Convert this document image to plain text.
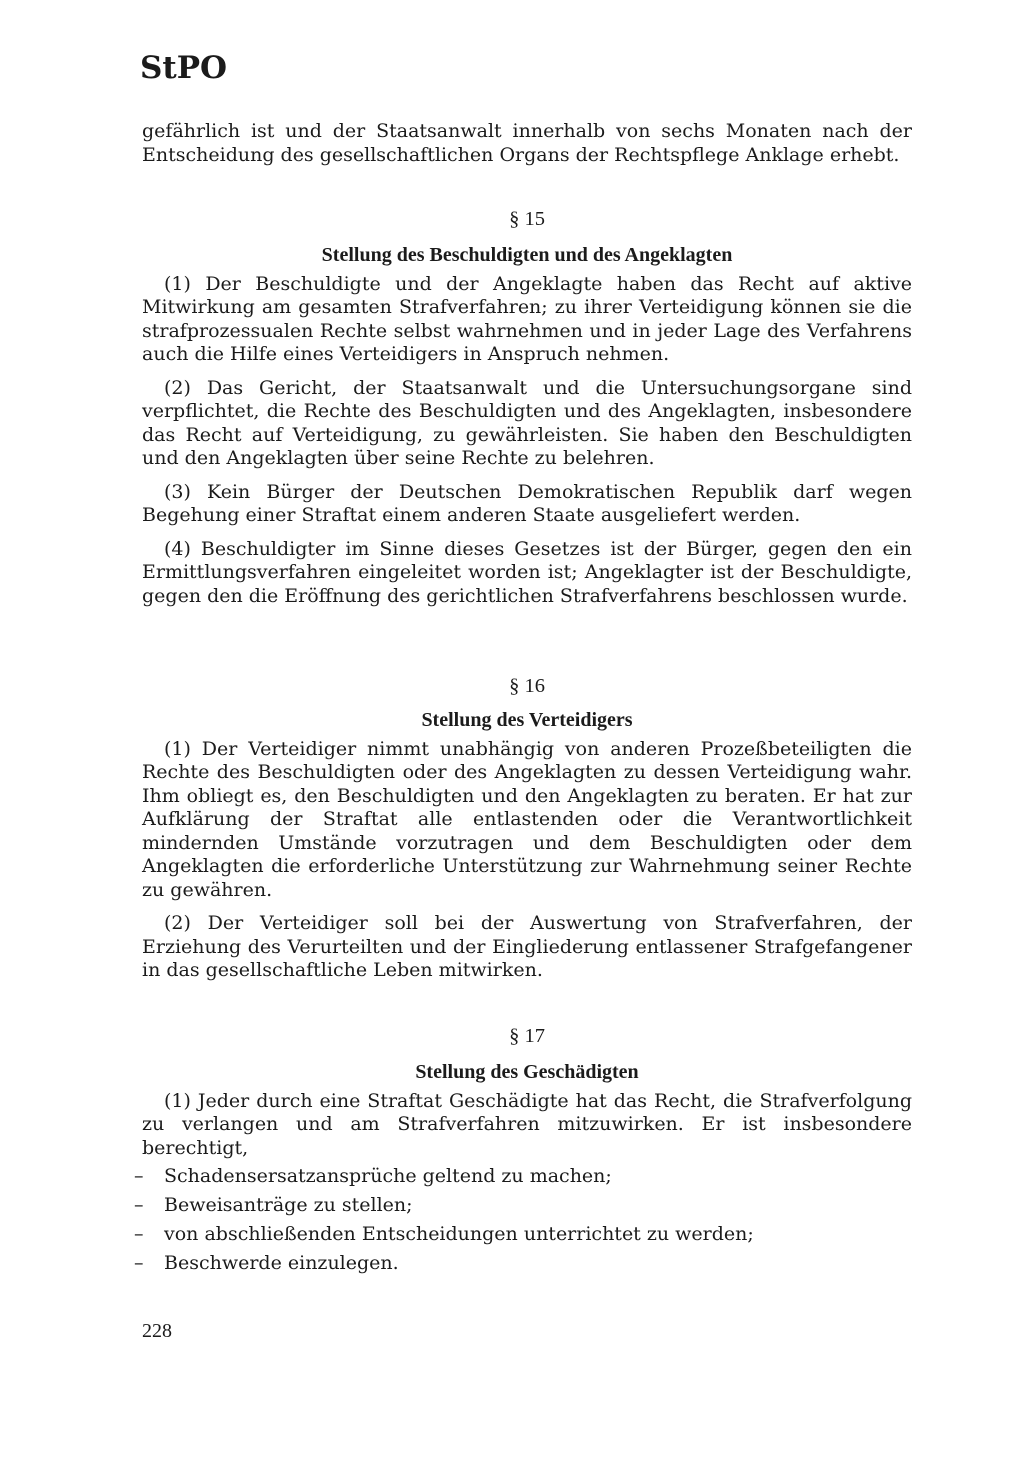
StPO

gefährlich ist und der Staatsanwalt innerhalb von sechs Monaten nach der Entscheidung des gesellschaftlichen Organs der Rechtspflege Anklage erhebt.

§ 15

Stellung des Beschuldigten und des Angeklagten

(1) Der Beschuldigte und der Angeklagte haben das Recht auf aktive Mitwirkung am gesamten Strafverfahren; zu ihrer Verteidigung können sie die strafprozessualen Rechte selbst wahrnehmen und in jeder Lage des Verfahrens auch die Hilfe eines Verteidigers in Anspruch nehmen.

(2) Das Gericht, der Staatsanwalt und die Untersuchungsorgane sind verpflichtet, die Rechte des Beschuldigten und des Angeklagten, insbesondere das Recht auf Verteidigung, zu gewährleisten. Sie haben den Beschuldigten und den Angeklagten über seine Rechte zu belehren.

(3) Kein Bürger der Deutschen Demokratischen Republik darf wegen Begehung einer Straftat einem anderen Staate ausgeliefert werden.

(4) Beschuldigter im Sinne dieses Gesetzes ist der Bürger, gegen den ein Ermittlungsverfahren eingeleitet worden ist; Angeklagter ist der Beschuldigte, gegen den die Eröffnung des gerichtlichen Strafverfahrens beschlossen wurde.

§ 16

Stellung des Verteidigers

(1) Der Verteidiger nimmt unabhängig von anderen Prozeßbeteiligten die Rechte des Beschuldigten oder des Angeklagten zu dessen Verteidigung wahr. Ihm obliegt es, den Beschuldigten und den Angeklagten zu beraten. Er hat zur Aufklärung der Straftat alle entlastenden oder die Verantwortlichkeit mindernden Umstände vorzutragen und dem Beschuldigten oder dem Angeklagten die erforderliche Unterstützung zur Wahrnehmung seiner Rechte zu gewähren.

(2) Der Verteidiger soll bei der Auswertung von Strafverfahren, der Erziehung des Verurteilten und der Eingliederung entlassener Strafgefangener in das gesellschaftliche Leben mitwirken.

§ 17

Stellung des Geschädigten

(1) Jeder durch eine Straftat Geschädigte hat das Recht, die Strafverfolgung zu verlangen und am Strafverfahren mitzuwirken. Er ist insbesondere berechtigt,

– Schadensersatzansprüche geltend zu machen;
– Beweisanträge zu stellen;
– von abschließenden Entscheidungen unterrichtet zu werden;
– Beschwerde einzulegen.
228
